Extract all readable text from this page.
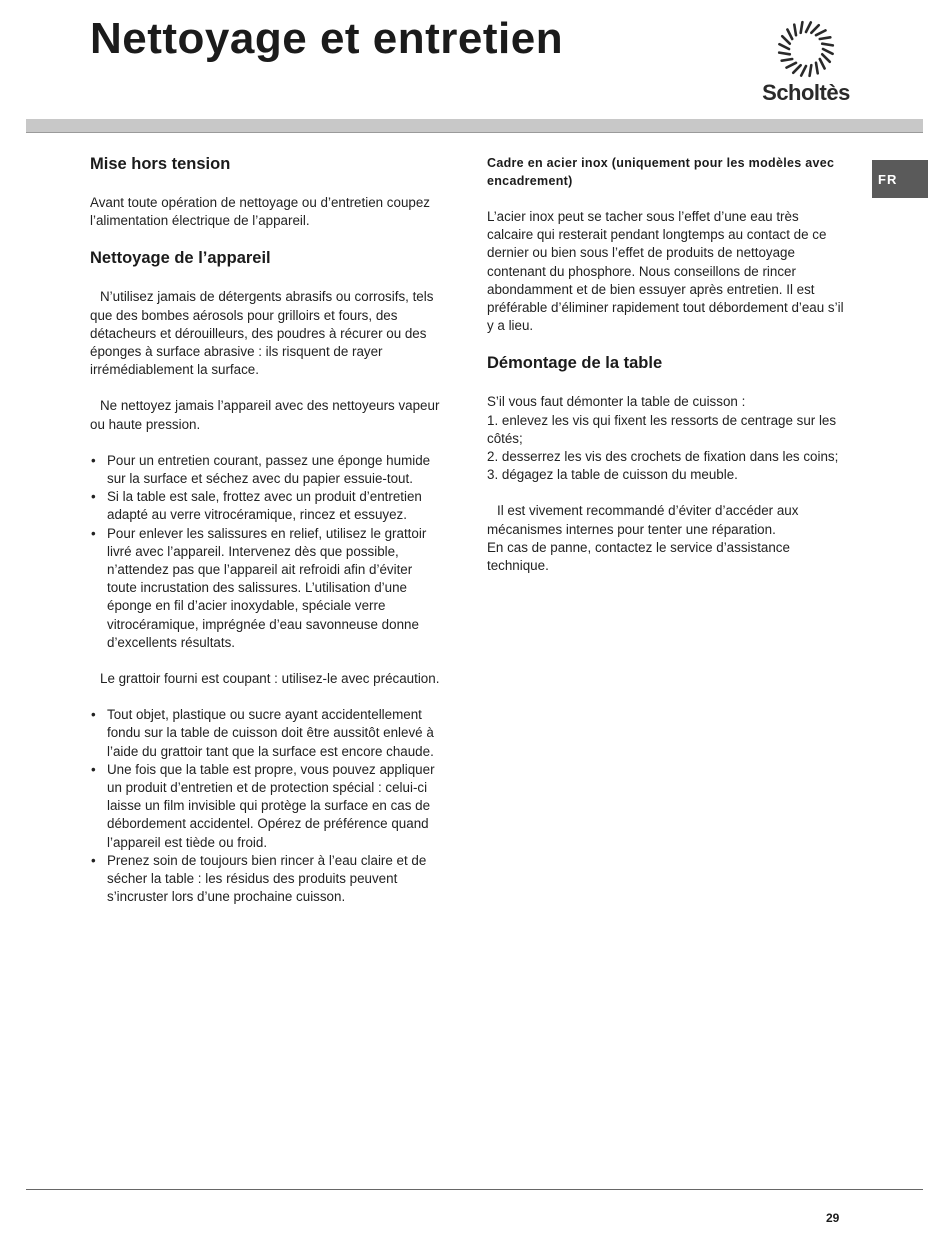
Nettoyage et entretien
Scholtès
FR
Mise hors tension

Avant toute opération de nettoyage ou d’entretien coupez l’alimentation électrique de l’appareil.

Nettoyage de l’appareil

N’utilisez jamais de détergents abrasifs ou corrosifs, tels que des bombes aérosols pour grilloirs et fours, des détacheurs et dérouilleurs, des poudres à récurer ou des éponges à surface abrasive : ils risquent de rayer irrémédiablement la surface.

Ne nettoyez jamais l’appareil avec des nettoyeurs vapeur ou haute pression.

• Pour un entretien courant, passez une éponge humide sur la surface et séchez avec du papier essuie-tout.
• Si la table est sale, frottez avec un produit d’entretien adapté au verre vitrocéramique, rincez et essuyez.
• Pour enlever les salissures en relief, utilisez le grattoir livré avec l’appareil. Intervenez dès que possible, n’attendez pas que l’appareil ait refroidi afin d’éviter toute incrustation des salissures. L’utilisation d’une éponge en fil d’acier inoxydable, spéciale verre vitrocéramique, imprégnée d’eau savonneuse donne d’excellents résultats.

Le grattoir fourni est coupant : utilisez-le avec précaution.

• Tout objet, plastique ou sucre ayant accidentellement fondu sur la table de cuisson doit être aussitôt enlevé à l’aide du grattoir tant que la surface est encore chaude.
• Une fois que la table est propre, vous pouvez appliquer un produit d’entretien et de protection spécial : celui-ci laisse un film invisible qui protège la surface en cas de débordement accidentel. Opérez de préférence quand l’appareil est tiède ou froid.
• Prenez soin de toujours bien rincer à l’eau claire et de sécher la table : les résidus des produits peuvent s’incruster lors d’une prochaine cuisson.
Cadre en acier inox (uniquement pour les modèles avec encadrement)

L’acier inox peut se tacher sous l’effet d’une eau très calcaire qui resterait pendant longtemps au contact de ce dernier ou bien sous l’effet de produits de nettoyage contenant du phosphore. Nous conseillons de rincer abondamment et de bien essuyer après entretien. Il est préférable d’éliminer rapidement tout débordement d’eau s’il y a lieu.

Démontage de la table
S’il vous faut démonter la table de cuisson :
1. enlevez les vis qui fixent les ressorts de centrage sur les côtés;
2. desserrez les vis des crochets de fixation dans les coins;
3. dégagez la table de cuisson du meuble.

Il est vivement recommandé d’éviter d’accéder aux mécanismes internes pour tenter une réparation.

En cas de panne, contactez le service d’assistance technique.

29
